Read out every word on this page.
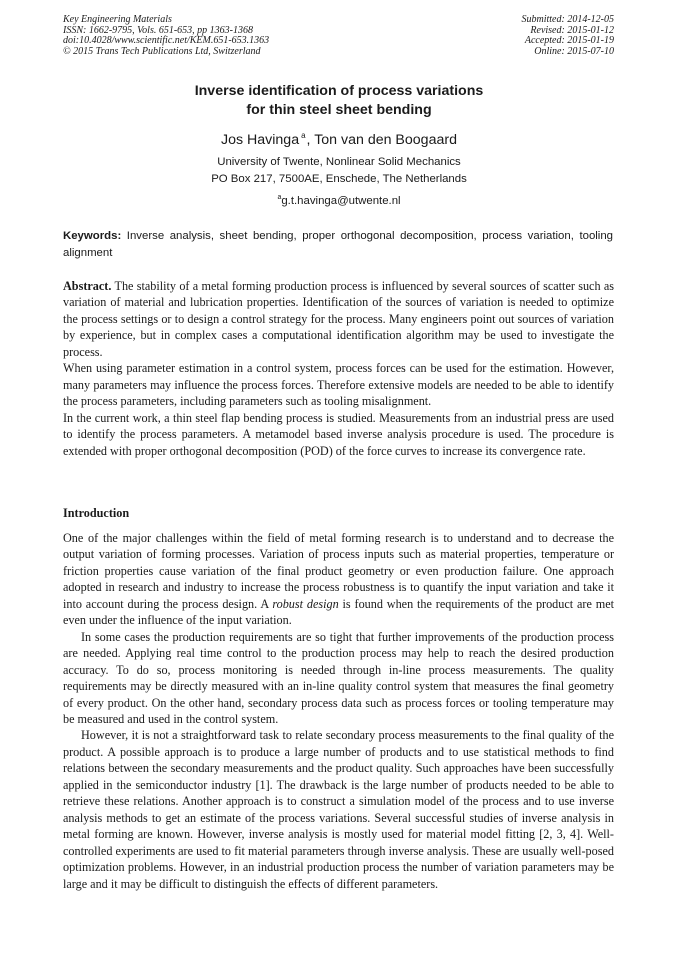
Key Engineering Materials
ISSN: 1662-9795, Vols. 651-653, pp 1363-1368
doi:10.4028/www.scientific.net/KEM.651-653.1363
© 2015 Trans Tech Publications Ltd, Switzerland
Submitted: 2014-12-05
Revised: 2015-01-12
Accepted: 2015-01-19
Online: 2015-07-10
Inverse identification of process variations
for thin steel sheet bending
Jos Havinga $^a$, Ton van den Boogaard
University of Twente, Nonlinear Solid Mechanics
PO Box 217, 7500AE, Enschede, The Netherlands
$^a$g.t.havinga@utwente.nl
Keywords: Inverse analysis, sheet bending, proper orthogonal decomposition, process variation, tooling alignment

Abstract. The stability of a metal forming production process is influenced by several sources of scatter such as variation of material and lubrication properties. Identification of the sources of variation is needed to optimize the process settings or to design a control strategy for the process. Many engineers point out sources of variation by experience, but in complex cases a computational identification algorithm may be used to investigate the process.

When using parameter estimation in a control system, process forces can be used for the estimation. However, many parameters may influence the process forces. Therefore extensive models are needed to be able to identify the process parameters, including parameters such as tooling misalignment.

In the current work, a thin steel flap bending process is studied. Measurements from an industrial press are used to identify the process parameters. A metamodel based inverse analysis procedure is used. The procedure is extended with proper orthogonal decomposition (POD) of the force curves to increase its convergence rate.

Introduction

One of the major challenges within the field of metal forming research is to understand and to decrease the output variation of forming processes. Variation of process inputs such as material properties, temperature or friction properties cause variation of the final product geometry or even production failure. One approach adopted in research and industry to increase the process robustness is to quantify the input variation and take it into account during the process design. A robust design is found when the requirements of the product are met even under the influence of the input variation.

In some cases the production requirements are so tight that further improvements of the production process are needed. Applying real time control to the production process may help to reach the desired production accuracy. To do so, process monitoring is needed through in-line process measurements. The quality requirements may be directly measured with an in-line quality control system that measures the final geometry of every product. On the other hand, secondary process data such as process forces or tooling temperature may be measured and used in the control system.

However, it is not a straightforward task to relate secondary process measurements to the final quality of the product. A possible approach is to produce a large number of products and to use statistical methods to find relations between the secondary measurements and the product quality. Such approaches have been successfully applied in the semiconductor industry [1]. The drawback is the large number of products needed to be able to retrieve these relations. Another approach is to construct a simulation model of the process and to use inverse analysis methods to get an estimate of the process variations. Several successful studies of inverse analysis in metal forming are known. However, inverse analysis is mostly used for material model fitting [2, 3, 4]. Well-controlled experiments are used to fit material parameters through inverse analysis. These are usually well-posed optimization problems. However, in an industrial production process the number of variation parameters may be large and it may be difficult to distinguish the effects of different parameters.
